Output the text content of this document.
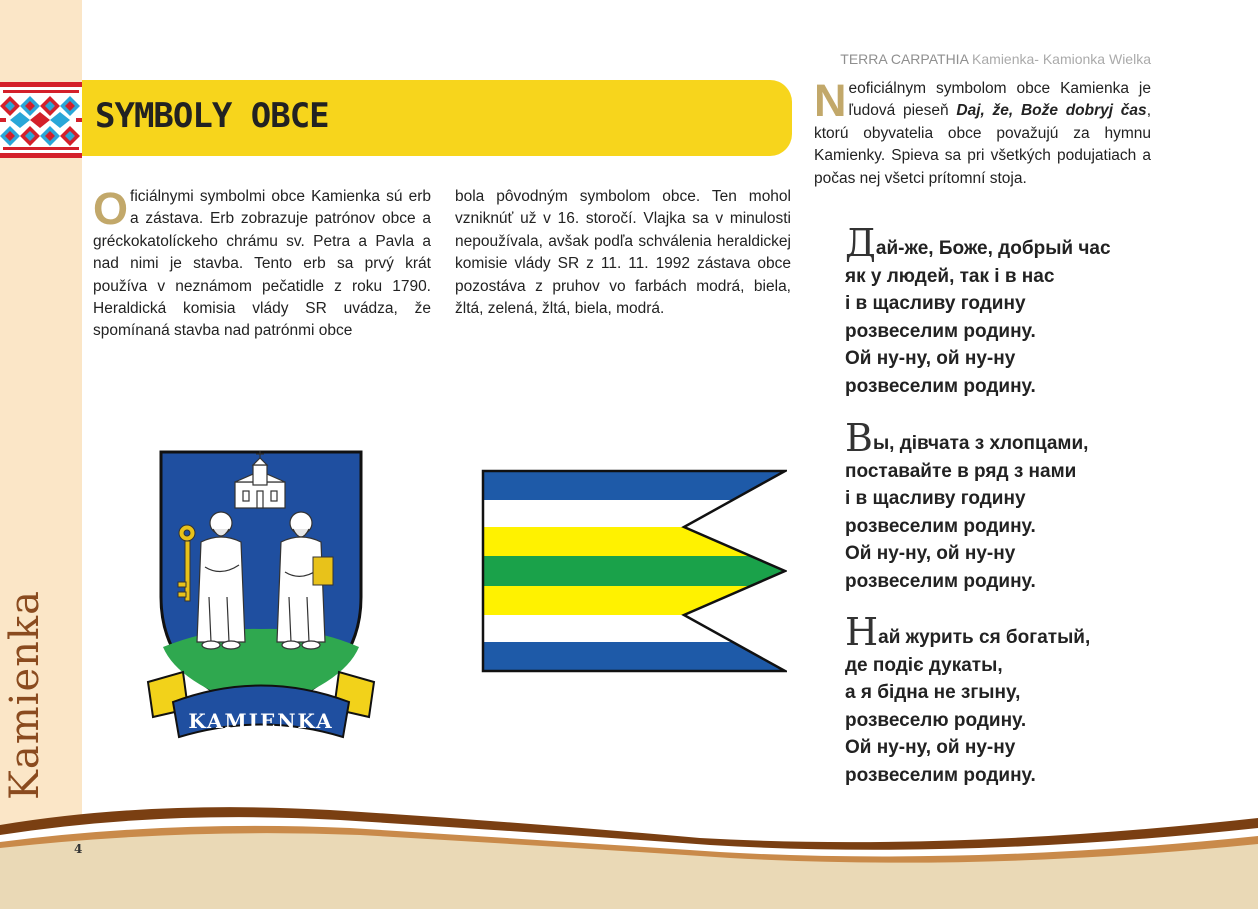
Kamienka
TERRA CARPATHIA Kamienka- Kamionka Wielka
SYMBOLY OBCE
Oficiálnymi symbolmi obce Kamienka sú erb a zástava. Erb zobrazuje patrónov obce a gréckokatolíckeho chrámu sv. Petra a Pavla a nad nimi je stavba. Tento erb sa prvý krát používa v neznámom pečatidle z roku 1790. Heraldická komisia vlády SR uvádza, že spomínaná stavba nad patrónmi obce
bola pôvodným symbolom obce. Ten mohol vzniknúť už v 16. storočí. Vlajka sa v minulosti nepoužívala, avšak podľa schválenia heraldickej komisie vlády SR z 11. 11. 1992 zástava obce pozostáva z pruhov vo farbách modrá, biela, žltá, zelená, žltá, biela, modrá.
Neoficiálnym symbolom obce Kamienka je ľudová pieseň Daj, že, Bože dobryj čas, ktorú obyvatelia obce považujú za hymnu Kamienky. Spieva sa pri všetkých podujatiach a počas nej všetci prítomní stoja.
Дай-же, Боже, добрый час
як у людей, так і в нас
і в щасливу годину
розвеселим родину.
Ой ну-ну, ой ну-ну
розвеселим родину.
Вы, дівчата з хлопцами,
поставайте в ряд з нами
і в щасливу годину
розвеселим родину.
Ой ну-ну, ой ну-ну
розвеселим родину.
Най журить ся богатый,
де подіє дукаты,
а я бідна не згыну,
розвеселю родину.
Ой ну-ну, ой ну-ну
розвеселим родину.
KAMIENKA
4
